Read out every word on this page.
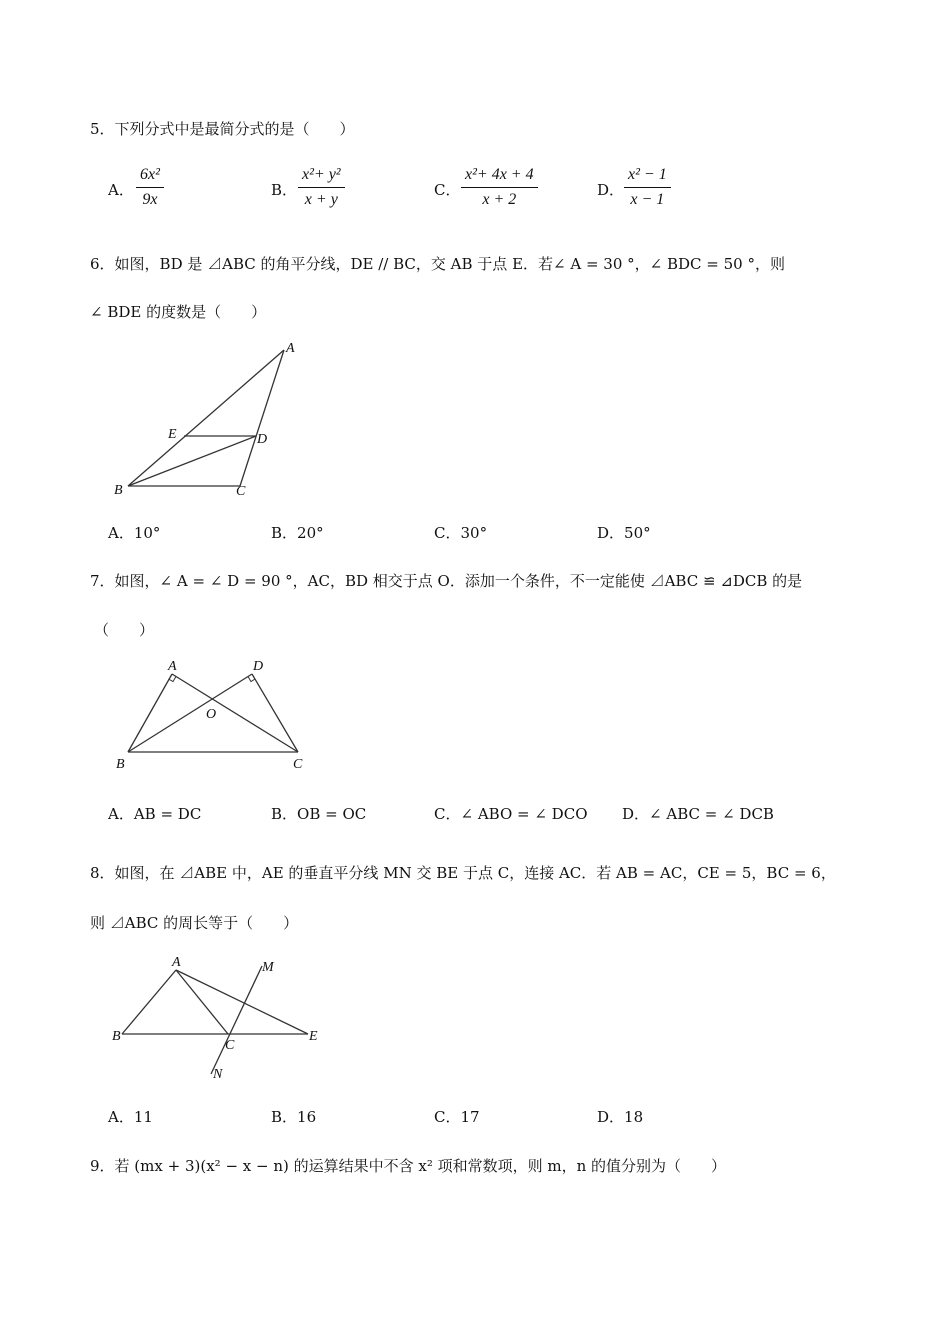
5．下列分式中是最简分式的是（　　）
A． $\frac{\text{6x²}}{9x}$	B． $\frac{\text{x²+ y²}}{x + y}$	C． $\frac{\text{x²+ 4x + 4}}{x + 2}$	D． $\frac{\text{x² − 1}}{x - 1}$
6．如图，BD 是 ⊿ABC 的角平分线，DE // BC，交 AB 于点 E．若∠ A = 30 °，∠ BDC = 50 °，则
∠ BDE 的度数是（　　）
A
B	C
D
E
A．10°	B．20°	C．30°	D．50°
7．如图，∠ A = ∠ D = 90 °，AC，BD 相交于点 O．添加一个条件，不一定能使 ⊿ABC ≌ ⊿DCB 的是
（　　）
A	D
B	C
O
A．AB = DC	B．OB = OC	C．∠ ABO = ∠ DCO D．∠ ABC = ∠ DCB
8．如图，在 ⊿ABE 中，AE 的垂直平分线 MN 交 BE 于点 C，连接 AC．若 AB = AC，CE = 5，BC = 6，
则 ⊿ABC 的周长等于（　　）
A
B
C
E
M
N
A．11	B．16	C．17	D．18
9．若 (mx + 3)(x² − x − n) 的运算结果中不含 x² 项和常数项，则 m，n 的值分别为（　　）
